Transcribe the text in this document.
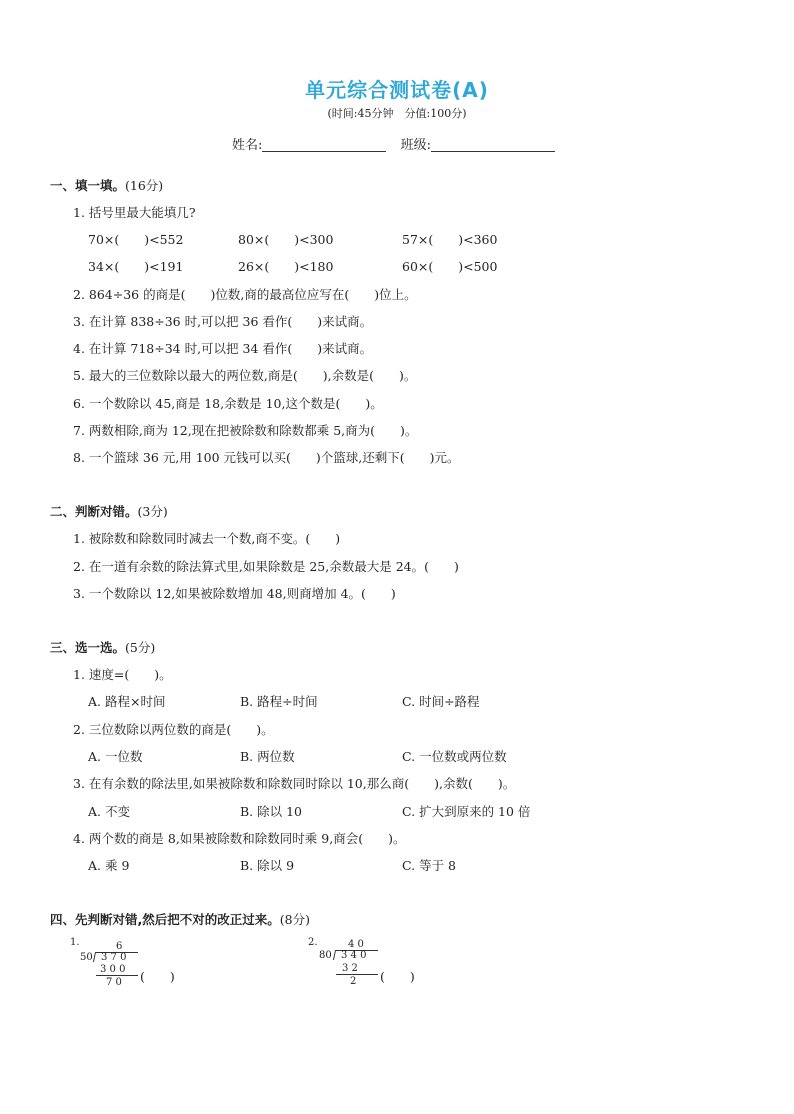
单元综合测试卷(A)
(时间:45分钟　分值:100分)
姓名:	班级:
一、填一填。(16分)
1. 括号里最大能填几?
70×(　　)<552	80×(　　)<300	57×(　　)<360
34×(　　)<191	26×(　　)<180	60×(　　)<500
2. 864÷36 的商是(　　)位数,商的最高位应写在(　　)位上。
3. 在计算 838÷36 时,可以把 36 看作(　　)来试商。
4. 在计算 718÷34 时,可以把 34 看作(　　)来试商。
5. 最大的三位数除以最大的两位数,商是(　　),余数是(　　)。
6. 一个数除以 45,商是 18,余数是 10,这个数是(　　)。
7. 两数相除,商为 12,现在把被除数和除数都乘 5,商为(　　)。
8. 一个篮球 36 元,用 100 元钱可以买(　　)个篮球,还剩下(　　)元。
二、判断对错。(3分)
1. 被除数和除数同时减去一个数,商不变。(　　)
2. 在一道有余数的除法算式里,如果除数是 25,余数最大是 24。(　　)
3. 一个数除以 12,如果被除数增加 48,则商增加 4。(　　)
三、选一选。(5分)
1. 速度=(　　)。
A. 路程×时间	B. 路程÷时间	C. 时间÷路程
2. 三位数除以两位数的商是(　　)。
A. 一位数	B. 两位数	C. 一位数或两位数
3. 在有余数的除法里,如果被除数和除数同时除以 10,那么商(　　),余数(　　)。
A. 不变	B. 除以 10	C. 扩大到原来的 10 倍
4. 两个数的商是 8,如果被除数和除数同时乘 9,商会(　　)。
A. 乘 9	B. 除以 9	C. 等于 8
四、先判断对错,然后把不对的改正过来。(8分)
1.	6
50 3 7 0
3 0 0
7 0 (　　)
2.	4 0
80 3 4 0
3 2
2 (　　)
